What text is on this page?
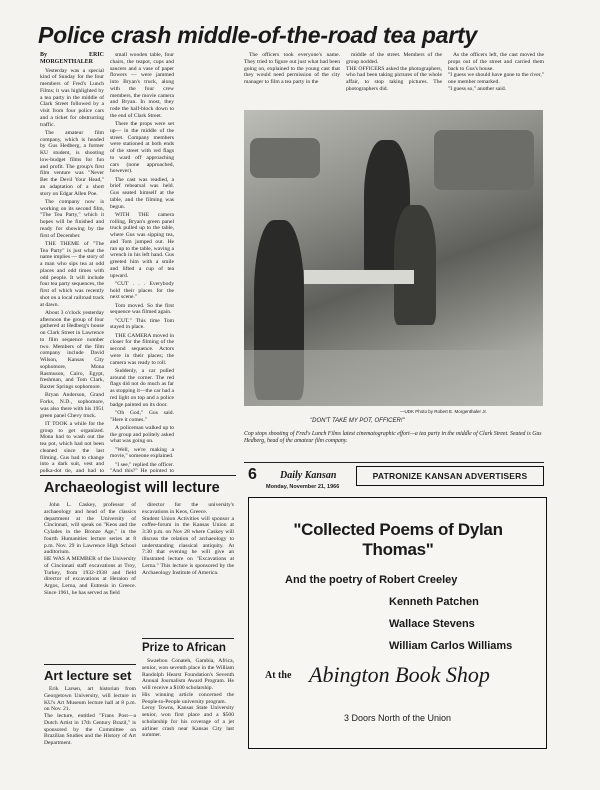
Police crash middle-of-the-road tea party
By ERIC MORGENTHALER

Yesterday was a special kind of Sunday for the four members of Fred's Lunch Films; it was highlighted by a tea party in the middle of Clark Street followed by a visit from four police cars and a ticket for obstructing traffic.

The amateur film company, which is headed by Gus Hedberg, a former KU student, is shooting low-budget films for fun and profit. The group's first film venture was "Never Bet the Devil Your Head," an adaptation of a short story on Edgar Allen Poe.

The company now is working on its second film, "The Tea Party," which it hopes will be finished and ready for showing by the first of December.

THE THEME of "The Tea Party" is just what the name implies — the story of a man who sips tea at odd places and odd times with odd people. It will include four tea party sequences, the first of which was recently shot on a local railroad track at dawn.

About 3 o'clock yesterday afternoon the group of four gathered at Hedberg's house on Clark Street in Lawrence to film sequence number two. Members of the film company include David Wilson, Kansas City sophomore, Mona Rasmuson, Cairo, Egypt, freshman, and Tom Clark, Baxter Springs sophomore.

Bryan Anderson, Grand Forks, N.D., sophomore, was also there with his 1951 green panel Chevy truck.

IT TOOK a while for the group to get organized. Mona had to wash out the tea pot, which had not been cleaned since the last filming. Gus had to change into a dark suit, vest and polka-dot tie, and had to

small wooden table, four chairs, the teapot, cups and saucers and a vase of paper flowers — were jammed into Bryan's truck, along with the four crew members, the movie camera and Bryan. In most, they rode the half-block down to the end of Clark Street.

There the props were set up— in the middle of the street. Company members were stationed at both ends of the street with red flags to ward off approaching cars (none approached, however).

The cast was readied, a brief rehearsal was held. Gus seated himself at the table, and the filming was begun.

WITH THE camera rolling, Bryan's green panel truck pulled up to the table, where Gus was sipping tea, and Tom jumped out. He ran up to the table, waving a wrench in his left hand. Gus greeted him with a smile and lifted a cup of tea upward.

"CUT . . . Everybody hold their places for the next scene."

Tom moved. So the first sequence was filmed again.

"CUT." This time Tom stayed in place.

THE CAMERA moved in closer for the filming of the second sequence. Actors were in their places; the camera was ready to roll.

Suddenly, a car pulled around the corner. The red flags did not do much as far as stopping it—the car had a red light on top and a police badge painted on its door.

"Oh God," Gus said. "Here it comes."

A policeman walked up to the group and politely asked what was going on.

"Well, we're making a movie," someone explained.

"I see," replied the officer. "And this?" He pointed to

The officers took everyone's name. They tried to figure out just what had been going on, explained to the young cast that they would need permission of the city manager to film a tea party in the

middle of the street. Members of the group nodded.
THE OFFICERS asked the photographers, who had been taking pictures of the whole affair, to stop taking pictures. The photographers did.

As the officers left, the cast moved the props out of the street and carried them back to Gus's house.
"I guess we should have gone to the river," one member remarked.
"I guess so," another said.

—UDK Photo by Robert E. Morgenthaler Jr.
"DON'T TAKE MY POT, OFFICER!"
Cop stops shooting of Fred's Lunch Films latest cinematographic effort—a tea party in the middle of Clark Street. Seated is Gus Hedberg, head of the amateur film company.
6 Daily Kansan
Monday, November 21, 1966
PATRONIZE KANSAN ADVERTISERS
Archaeologist will lecture

John L. Caskey, professor of archaeology and head of the classics department at the University of Cincinnati, will speak on "Keos and the Cylades in the Bronze Age," in the fourth Humanities lecture series at 8 p.m. Nov. 29 in Lawrence High School auditorium.
HE WAS A MEMBER of the University of Cincinnati staff excavations at Troy, Turkey, from 1932-1938 and field director of excavations at Heraion of Argos, Lerna, and Eutresis in Greece. Since 1961, he has served as field

director for the university's excavations in Keos, Greece.
Student Union Activities will sponsor a coffee-forum in the Kansas Union at 3:30 p.m. on Nov 28 where Caskey will discuss the relation of archaeology to understanding classical antiquity. At 7:30 that evening he will give an illustrated lecture on "Excavations at Lerna." This lecture is sponsored by the Archaeology Institute of America.

Art lecture set

Erik Larsen, art historian from Georgetown University, will lecture in KU's Art Museum lecture hall at 8 p.m. on Nov. 21.
The lecture, entitled "Frans Post—a Dutch Artist in 17th Century Brazil," is sponsored by the Committee on Brazilian Studies and the History of Art Department.

Prize to African

Swaebou Conateh, Gambia, Africa, senior, won seventh place in the William Randolph Hearst Foundation's Seventh Annual Journalism Award Program. He will receive a $100 scholarship.
His winning article concerned the People-to-People university program.
Leroy Towns, Kansas State University senior, won first place and a $500 scholarship for his coverage of a jet airliner crash near Kansas City last summer.

"Collected Poems of Dylan Thomas"
And the poetry of Robert Creeley
Kenneth Patchen
Wallace Stevens
William Carlos Williams
At the Abington Book Shop
3 Doors North of the Union
